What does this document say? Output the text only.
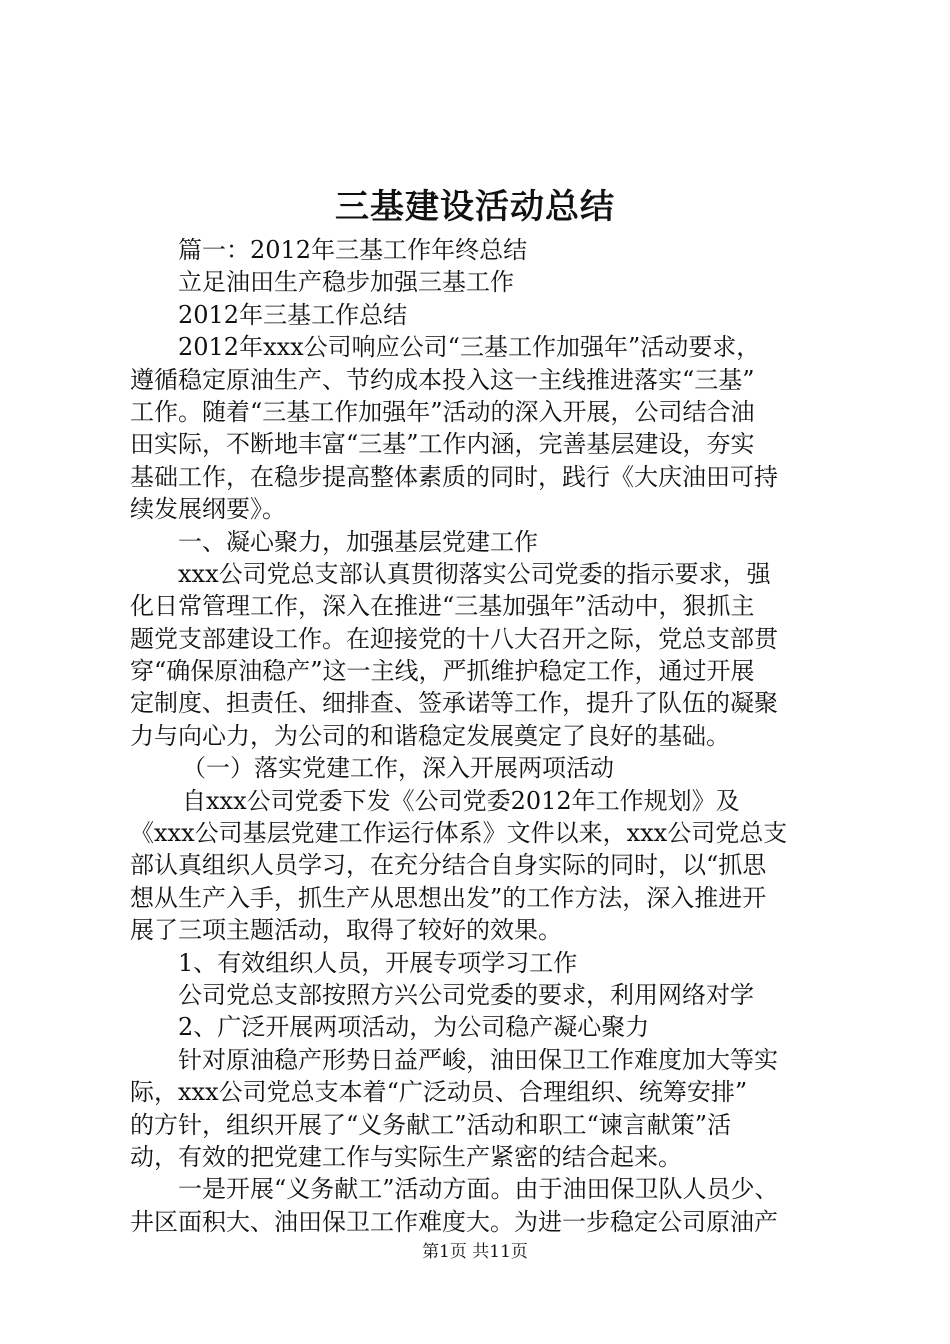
三基建设活动总结
篇一：2012年三基工作年终总结
立足油田生产稳步加强三基工作
2012年三基工作总结
2012年xxx公司响应公司“三基工作加强年”活动要求，
遵循稳定原油生产、节约成本投入这一主线推进落实“三基”
工作。随着“三基工作加强年”活动的深入开展，公司结合油
田实际，不断地丰富“三基”工作内涵，完善基层建设，夯实
基础工作，在稳步提高整体素质的同时，践行《大庆油田可持
续发展纲要》。
一、凝心聚力，加强基层党建工作
xxx公司党总支部认真贯彻落实公司党委的指示要求，强
化日常管理工作，深入在推进“三基加强年”活动中，狠抓主
题党支部建设工作。在迎接党的十八大召开之际，党总支部贯
穿“确保原油稳产”这一主线，严抓维护稳定工作，通过开展
定制度、担责任、细排查、签承诺等工作，提升了队伍的凝聚
力与向心力，为公司的和谐稳定发展奠定了良好的基础。
（一）落实党建工作，深入开展两项活动
自xxx公司党委下发《公司党委2012年工作规划》及
《xxx公司基层党建工作运行体系》文件以来，xxx公司党总支
部认真组织人员学习，在充分结合自身实际的同时，以“抓思
想从生产入手，抓生产从思想出发”的工作方法，深入推进开
展了三项主题活动，取得了较好的效果。
1、有效组织人员，开展专项学习工作
公司党总支部按照方兴公司党委的要求，利用网络对学
2、广泛开展两项活动，为公司稳产凝心聚力
针对原油稳产形势日益严峻，油田保卫工作难度加大等实
际，xxx公司党总支本着“广泛动员、合理组织、统筹安排”
的方针，组织开展了“义务献工”活动和职工“谏言献策”活
动，有效的把党建工作与实际生产紧密的结合起来。
一是开展“义务献工”活动方面。由于油田保卫队人员少、
井区面积大、油田保卫工作难度大。为进一步稳定公司原油产
第1页 共11页
